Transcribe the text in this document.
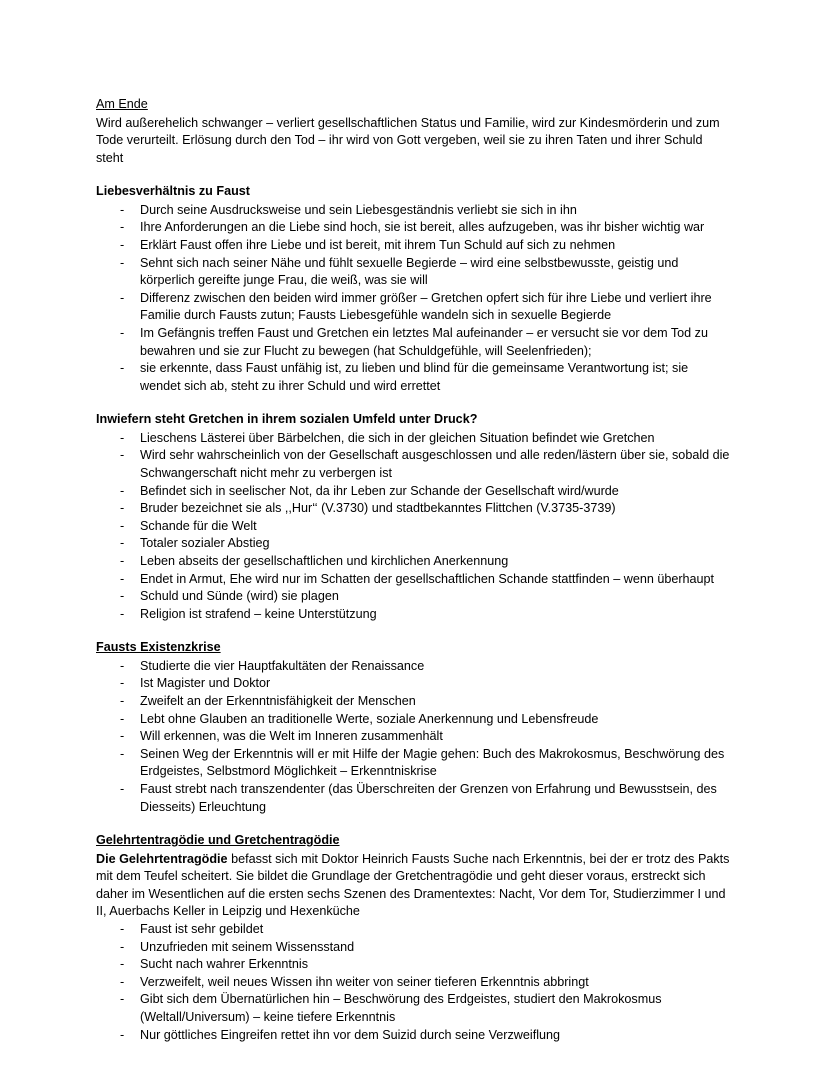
Am Ende

Wird außerehelich schwanger – verliert gesellschaftlichen Status und Familie, wird zur Kindesmörderin und zum Tode verurteilt. Erlösung durch den Tod – ihr wird von Gott vergeben, weil sie zu ihren Taten und ihrer Schuld steht

Liebesverhältnis zu Faust
- Durch seine Ausdrucksweise und sein Liebesgeständnis verliebt sie sich in ihn
- Ihre Anforderungen an die Liebe sind hoch, sie ist bereit, alles aufzugeben, was ihr bisher wichtig war
- Erklärt Faust offen ihre Liebe und ist bereit, mit ihrem Tun Schuld auf sich zu nehmen
- Sehnt sich nach seiner Nähe und fühlt sexuelle Begierde – wird eine selbstbewusste, geistig und körperlich gereifte junge Frau, die weiß, was sie will
- Differenz zwischen den beiden wird immer größer – Gretchen opfert sich für ihre Liebe und verliert ihre Familie durch Fausts zutun; Fausts Liebesgefühle wandeln sich in sexuelle Begierde
- Im Gefängnis treffen Faust und Gretchen ein letztes Mal aufeinander – er versucht sie vor dem Tod zu bewahren und sie zur Flucht zu bewegen (hat Schuldgefühle, will Seelenfrieden);
- sie erkennte, dass Faust unfähig ist, zu lieben und blind für die gemeinsame Verantwortung ist; sie wendet sich ab, steht zu ihrer Schuld und wird errettet
Inwiefern steht Gretchen in ihrem sozialen Umfeld unter Druck?
- Lieschens Lästerei über Bärbelchen, die sich in der gleichen Situation befindet wie Gretchen
- Wird sehr wahrscheinlich von der Gesellschaft ausgeschlossen und alle reden/lästern über sie, sobald die Schwangerschaft nicht mehr zu verbergen ist
- Befindet sich in seelischer Not, da ihr Leben zur Schande der Gesellschaft wird/wurde
- Bruder bezeichnet sie als ,,Hur‘‘ (V.3730) und stadtbekanntes Flittchen (V.3735-3739)
- Schande für die Welt
- Totaler sozialer Abstieg
- Leben abseits der gesellschaftlichen und kirchlichen Anerkennung
- Endet in Armut, Ehe wird nur im Schatten der gesellschaftlichen Schande stattfinden – wenn überhaupt
- Schuld und Sünde (wird) sie plagen
- Religion ist strafend – keine Unterstützung
Fausts Existenzkrise
- Studierte die vier Hauptfakultäten der Renaissance
- Ist Magister und Doktor
- Zweifelt an der Erkenntnisfähigkeit der Menschen
- Lebt ohne Glauben an traditionelle Werte, soziale Anerkennung und Lebensfreude
- Will erkennen, was die Welt im Inneren zusammenhält
- Seinen Weg der Erkenntnis will er mit Hilfe der Magie gehen: Buch des Makrokosmus, Beschwörung des Erdgeistes, Selbstmord Möglichkeit – Erkenntniskrise
- Faust strebt nach transzendenter (das Überschreiten der Grenzen von Erfahrung und Bewusstsein, des Diesseits) Erleuchtung
Gelehrtentragödie und Gretchentragödie

Die Gelehrtentragödie befasst sich mit Doktor Heinrich Fausts Suche nach Erkenntnis, bei der er trotz des Pakts mit dem Teufel scheitert. Sie bildet die Grundlage der Gretchentragödie und geht dieser voraus, erstreckt sich daher im Wesentlichen auf die ersten sechs Szenen des Dramentextes: Nacht, Vor dem Tor, Studierzimmer I und II, Auerbachs Keller in Leipzig und Hexenküche

- Faust ist sehr gebildet
- Unzufrieden mit seinem Wissensstand
- Sucht nach wahrer Erkenntnis
- Verzweifelt, weil neues Wissen ihn weiter von seiner tieferen Erkenntnis abbringt
- Gibt sich dem Übernatürlichen hin – Beschwörung des Erdgeistes, studiert den Makrokosmus (Weltall/Universum) – keine tiefere Erkenntnis
- Nur göttliches Eingreifen rettet ihn vor dem Suizid durch seine Verzweiflung
